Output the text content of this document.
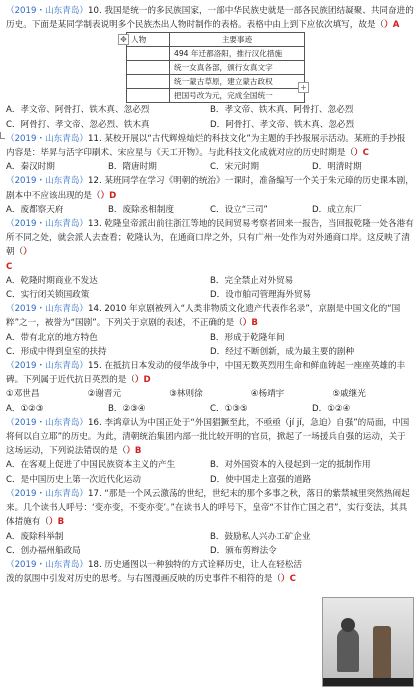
（2019・山东青岛）10. 我国是统一的多民族国家，一部中华民族史就是一部各民族团结凝聚、共同奋进的历史。下面是某同学制表说明多个民族杰出人物时制作的表格。表格中由上到下应依次填写，故是（）A

人物	主要事迹
	494 年迁都洛阳，推行汉化措施
	统一女真各部，颁行女真文字
	统一蒙古草原，建立蒙古政权
	把国号改为元，完成全国统一
A．孝文帝、阿骨打、铁木真、忽必烈	B．孝文帝、铁木真、阿骨打、忽必烈
C．阿骨打、孝文帝、忽必烈、铁木真	D．阿骨打、孝文帝、铁木真、忽必烈

（2019・山东青岛）11. 某校开展以“古代辉煌灿烂的科技文化”为主题的手抄报展示活动。某班的手抄报内容是：毕昇与活字印刷术、宋应星与《天工开物》。与此科技文化成就对应的历史时期是（）C

A．秦汉时期	B．隋唐时期	C．宋元时期	D．明清时期

（2019・山东青岛）12. 某班同学在学习《明朝的统治》一课时，准备编写一个关于朱元璋的历史课本剧，剧本中不应该出现的是（）D

A．废都察天府	B．废除丞相制度	C．设立“三司”	D．成立东厂

（2019・山东青岛）13. 乾隆皇帝派出前往浙江等地的民间贸易考察者回来一报告，当回报乾隆一处各港有所不同之处，就会派人去查看；乾隆认为，在通商口岸之外，只有广州一处作为对外通商口岸。这反映了清朝（）

C

A．乾隆时期商业不发达	B．完全禁止对外贸易
C．实行闭关锁国政策	D．设市舶司管理海外贸易

（2019・山东青岛）14. 2010 年京剧被列入“人类非物质文化遗产代表作名录”，京剧是中国文化的“国粹”之一，被誉为“国剧”。下列关于京剧的表述，不正确的是（）B

A．带有北京的地方特色	B．形成于乾隆年间
C．形成中得到皇室的扶持	D．经过不断创新，成为最主要的剧种

（2019・山东青岛）15. 在抵抗日本发动的侵华战争中，中国无数英烈用生命和鲜血铸起一座座英雄的丰碑。下列属于近代抗日英烈的是（）D

①邓世昌	②谢晋元	③林则徐	④杨靖宇	⑤戚继光
A．①②③	B．②③④	C．①③⑤	D．①②④

（2019・山东青岛）16. 李鸿章认为中国正处于“外国猖獗至此，不亟亟（jí jí，急迫）自强”的局面，中国将何以自立耶”的历史。为此，清朝统治集团内部一批比较开明的官员，掀起了一场援兵自强的运动，关于这场运动，下列说法错误的是（）B

A．在客观上促进了中国民族资本主义的产生	B．对外国资本的入侵起到一定的抵制作用
C．是中国历史上第一次近代化运动	D．使中国走上富强的道路

（2019・山东青岛）17. “那是一个风云激荡的世纪，世纪末的那个多事之秋，落日的紫禁城里突然热闹起来。几个读书人呼号：‘变亦变，不变亦变’。”在读书人的呼号下，皇帝“不甘作亡国之君”，实行变法，其具体措施有（）B

A．废除科举制	B．鼓励私人兴办工矿企业
C．创办福州船政局	D．颁布剪辫法令

（2019・山东青岛）18. 历史通图以一种独特的方式诠释历史，让人在轻松活泼的氛围中引发对历史的思考。与右图漫画反映的历史事件不相符的是（）C

✥
+
